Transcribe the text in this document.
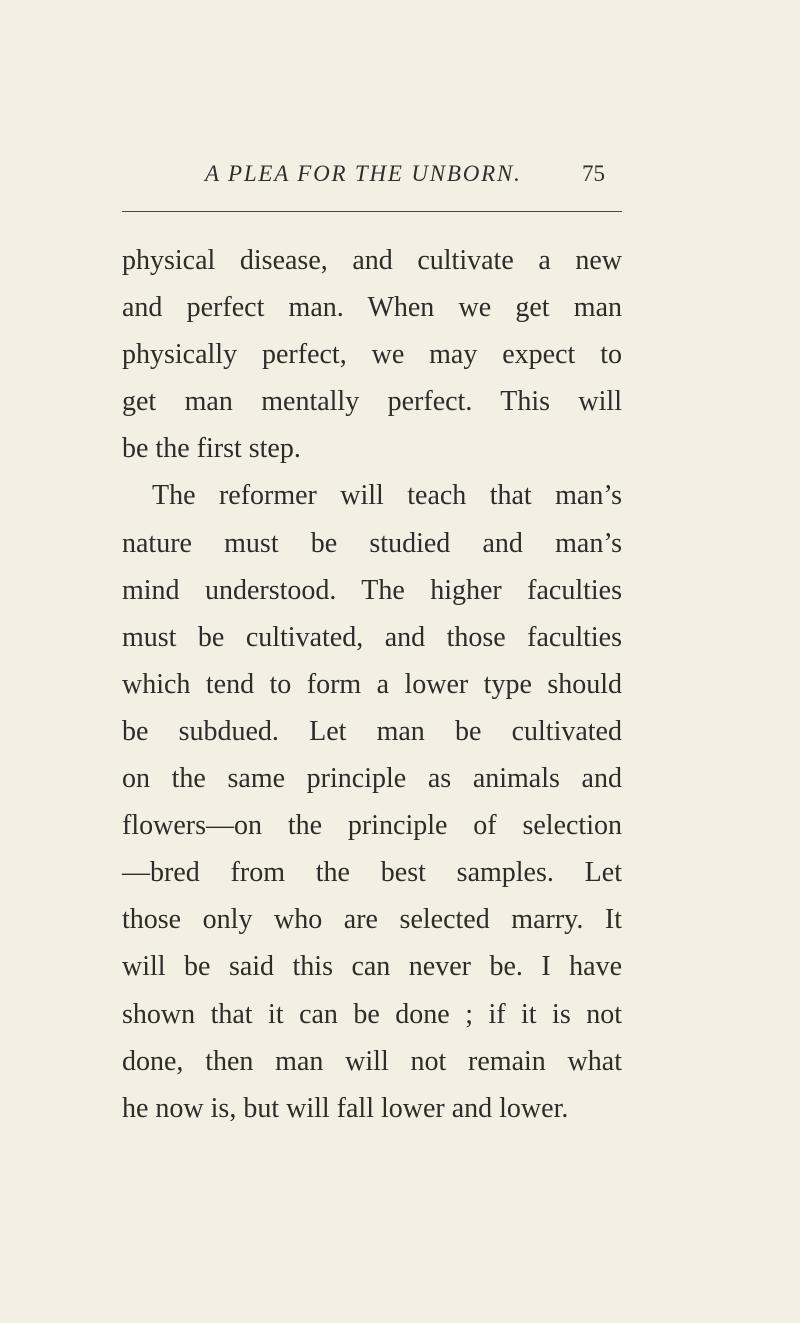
A PLEA FOR THE UNBORN.	75
physical disease, and cultivate a new
and perfect man. When we get man
physically perfect, we may expect to
get man mentally perfect. This will
be the first step.
The reformer will teach that man’s
nature must be studied and man’s
mind understood. The higher faculties
must be cultivated, and those faculties
which tend to form a lower type should
be subdued. Let man be cultivated
on the same principle as animals and
flowers—on the principle of selection
—bred from the best samples. Let
those only who are selected marry. It
will be said this can never be. I have
shown that it can be done ; if it is not
done, then man will not remain what
he now is, but will fall lower and lower.
